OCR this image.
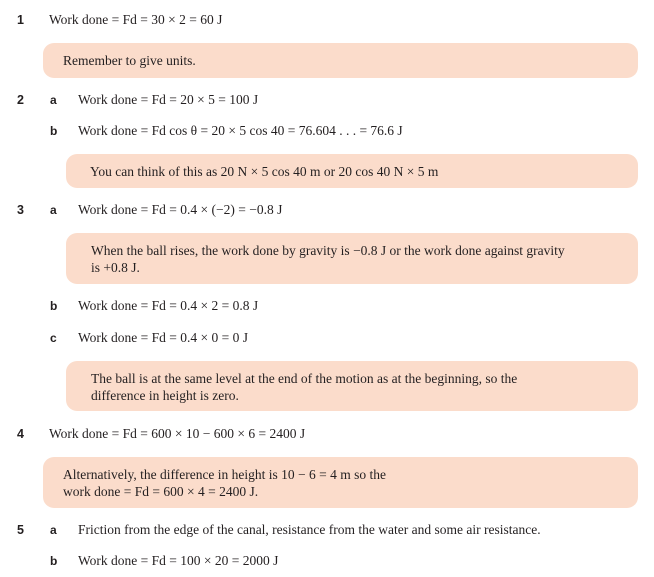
1 Work done = Fd = 30 × 2 = 60 J
Remember to give units.
2 a Work done = Fd = 20 × 5 = 100 J
b Work done = Fd cos θ = 20 × 5 cos 40 = 76.604 . . . = 76.6 J
You can think of this as 20 N × 5 cos 40 m or 20 cos 40 N × 5 m
3 a Work done = Fd = 0.4 × (−2) = −0.8 J
When the ball rises, the work done by gravity is −0.8 J or the work done against gravity
is +0.8 J.
b Work done = Fd = 0.4 × 2 = 0.8 J
c Work done = Fd = 0.4 × 0 = 0 J
The ball is at the same level at the end of the motion as at the beginning, so the
difference in height is zero.
4 Work done = Fd = 600 × 10 − 600 × 6 = 2400 J
Alternatively, the difference in height is 10 − 6 = 4 m so the
work done = Fd = 600 × 4 = 2400 J.
5 a Friction from the edge of the canal, resistance from the water and some air resistance.
b Work done = Fd = 100 × 20 = 2000 J
